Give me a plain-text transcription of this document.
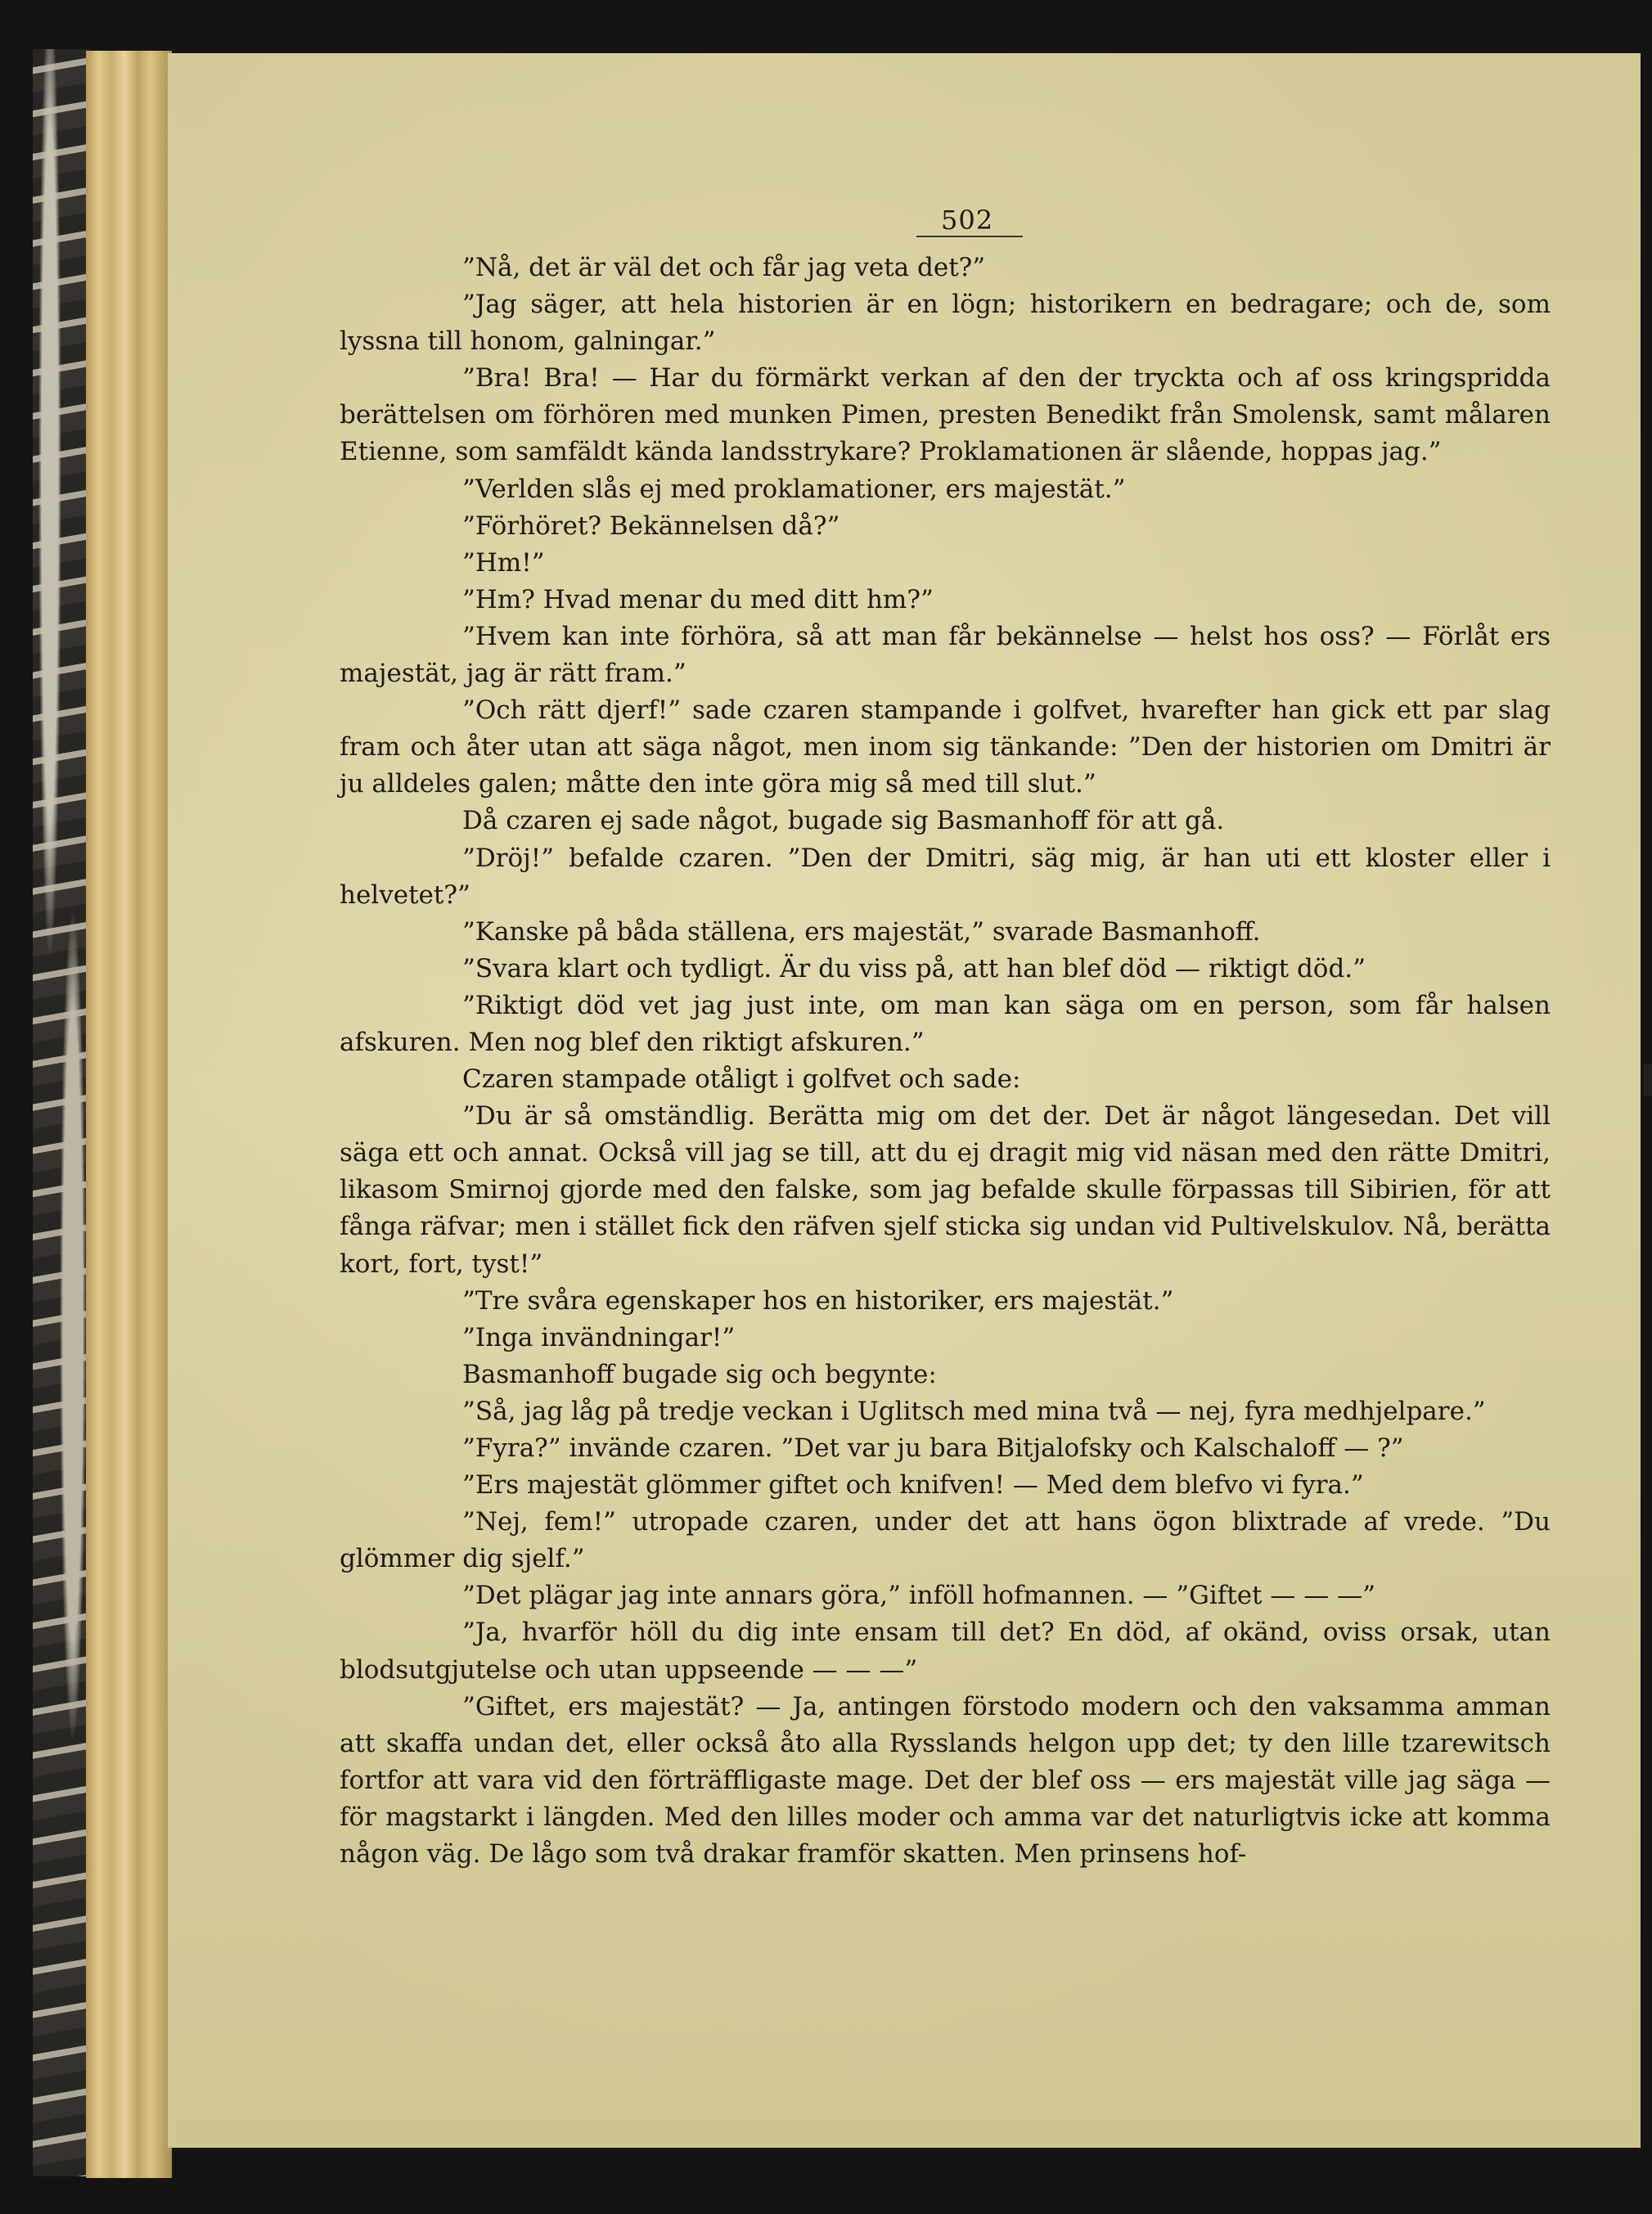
502

”Nå, det är väl det och får jag veta det?”

”Jag säger, att hela historien är en lögn; historikern en bedragare; och de, som lyssna till honom, galningar.”

”Bra! Bra! — Har du förmärkt verkan af den der tryckta och af oss kringspridda berättelsen om förhören med munken Pimen, presten Benedikt från Smolensk, samt målaren Etienne, som samfäldt kända landsstrykare? Proklamationen är slående, hoppas jag.”

”Verlden slås ej med proklamationer, ers majestät.”

”Förhöret? Bekännelsen då?”

”Hm!”

”Hm? Hvad menar du med ditt hm?”

”Hvem kan inte förhöra, så att man får bekännelse — helst hos oss? — Förlåt ers majestät, jag är rätt fram.”

”Och rätt djerf!” sade czaren stampande i golfvet, hvarefter han gick ett par slag fram och åter utan att säga något, men inom sig tänkande: ”Den der historien om Dmitri är ju alldeles galen; måtte den inte göra mig så med till slut.”

Då czaren ej sade något, bugade sig Basmanhoff för att gå.

”Dröj!” befalde czaren. ”Den der Dmitri, säg mig, är han uti ett kloster eller i helvetet?”

”Kanske på båda ställena, ers majestät,” svarade Basmanhoff.

”Svara klart och tydligt. Är du viss på, att han blef död — riktigt död.”

”Riktigt död vet jag just inte, om man kan säga om en person, som får halsen afskuren. Men nog blef den riktigt afskuren.”

Czaren stampade otåligt i golfvet och sade:

”Du är så omständlig. Berätta mig om det der. Det är något längesedan. Det vill säga ett och annat. Också vill jag se till, att du ej dragit mig vid näsan med den rätte Dmitri, likasom Smirnoj gjorde med den falske, som jag befalde skulle förpassas till Sibirien, för att fånga räfvar; men i stället fick den räfven sjelf sticka sig undan vid Pultivelskulov. Nå, berätta kort, fort, tyst!”

”Tre svåra egenskaper hos en historiker, ers majestät.”

”Inga invändningar!”

Basmanhoff bugade sig och begynte:

”Så, jag låg på tredje veckan i Uglitsch med mina två — nej, fyra medhjelpare.”

”Fyra?” invände czaren. ”Det var ju bara Bitjalofsky och Kalschaloff — ?”

”Ers majestät glömmer giftet och knifven! — Med dem blefvo vi fyra.”

”Nej, fem!” utropade czaren, under det att hans ögon blixtrade af vrede. ”Du glömmer dig sjelf.”

”Det plägar jag inte annars göra,” inföll hofmannen. — ”Giftet — — —”

”Ja, hvarför höll du dig inte ensam till det? En död, af okänd, oviss orsak, utan blodsutgjutelse och utan uppseende — — —”

”Giftet, ers majestät? — Ja, antingen förstodo modern och den vaksamma amman att skaffa undan det, eller också åto alla Rysslands helgon upp det; ty den lille tzarewitsch fortfor att vara vid den förträffligaste mage. Det der blef oss — ers majestät ville jag säga — för magstarkt i längden. Med den lilles moder och amma var det naturligtvis icke att komma någon väg. De lågo som två drakar framför skatten. Men prinsens hof-
